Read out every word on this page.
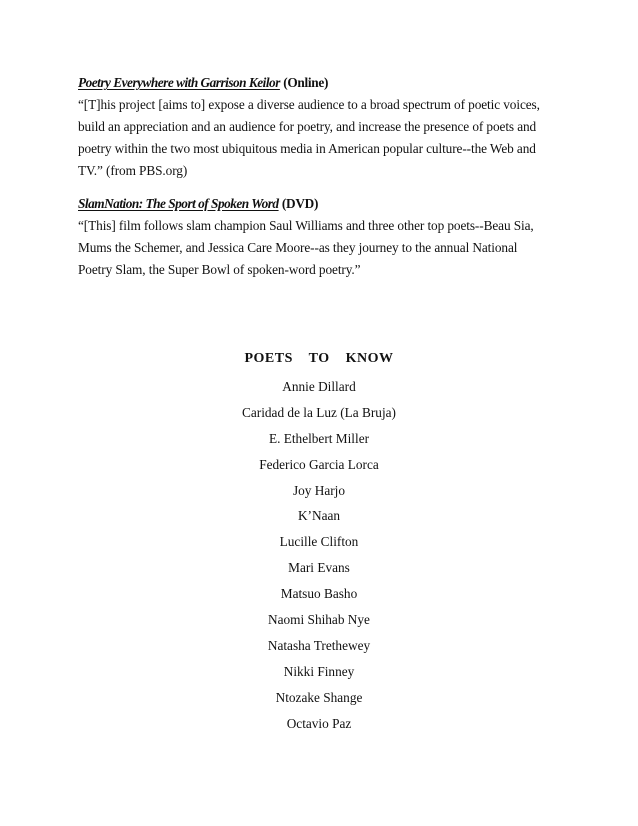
Poetry Everywhere with Garrison Keilor (Online)

“[T]his project [aims to] expose a diverse audience to a broad spectrum of poetic voices,
build an appreciation and an audience for poetry, and increase the presence of poets and
poetry within the two most ubiquitous media in American popular culture--the Web and
TV.” (from PBS.org)

SlamNation: The Sport of Spoken Word (DVD)

“[This] film follows slam champion Saul Williams and three other top poets--Beau Sia,
Mums the Schemer, and Jessica Care Moore--as they journey to the annual National
Poetry Slam, the Super Bowl of spoken-word poetry.”

POETS  TO  KNOW
Annie Dillard
Caridad de la Luz (La Bruja)
E. Ethelbert Miller
Federico Garcia Lorca
Joy Harjo
K’Naan
Lucille Clifton
Mari Evans
Matsuo Basho
Naomi Shihab Nye
Natasha Trethewey
Nikki Finney
Ntozake Shange
Octavio Paz
